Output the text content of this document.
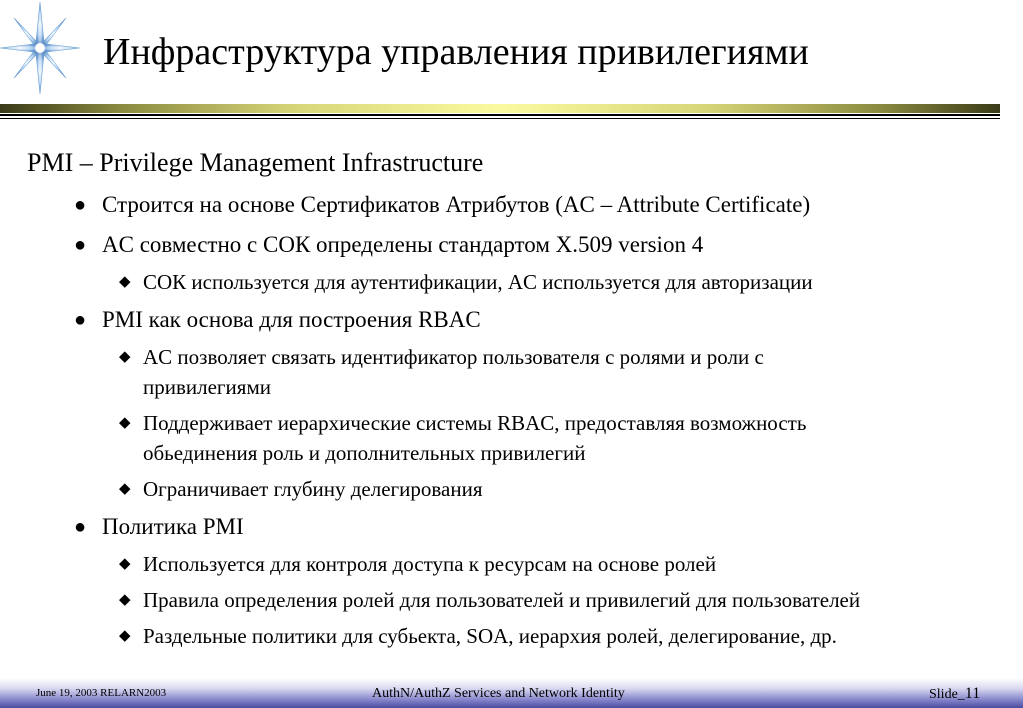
Инфраструктура управления привилегиями
PMI – Privilege Management Infrastructure
● Строится на основе Сертификатов Атрибутов (AC – Attribute Certificate)
● AC совместно с СОК определены стандартом X.509 version 4
◆ СОК используется для аутентификации, AC используется для авторизации
● PMI как основа для построения RBAC
◆ AC позволяет связать идентификатор пользователя с ролями и роли с
привилегиями
◆ Поддерживает иерархические системы RBAC, предоставляя возможность
обьединения роль и дополнительных привилегий
◆ Ограничивает глубину делегирования
● Политика PMI
◆ Используется для контроля доступа к ресурсам на основе ролей
◆ Правила определения ролей для пользователей и привилегий для пользователей
◆ Раздельные политики для субьекта, SOA, иерархия ролей, делегирование, др.
June 19, 2003 RELARN2003	AuthN/AuthZ Services and Network Identity	Slide_11
